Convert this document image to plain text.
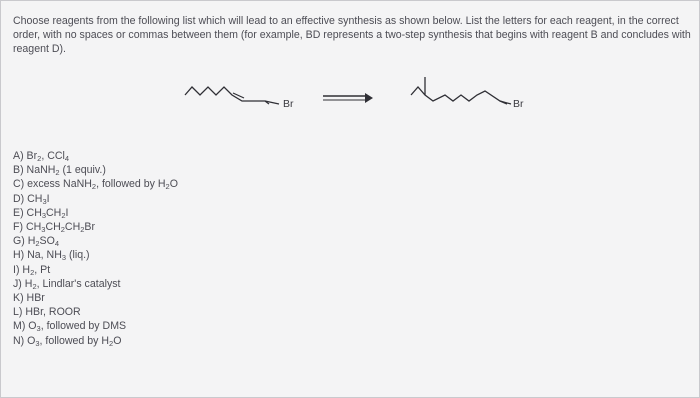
Choose reagents from the following list which will lead to an effective synthesis as shown below. List the letters for each reagent, in the correct order, with no spaces or commas between them (for example, BD represents a two-step synthesis that begins with reagent B and concludes with reagent D).
Br	Br
A) $Br_2$, CCl$_4$
B) NaNH$_2$ (1 equiv.)
C) excess NaNH$_2$, followed by $H_2O$
D) $CH_3I$
E) $CH_3CH_2I$
F) $CH_3CH_2CH_2Br$
G) $H_2SO_4$
H) Na, $NH_3$ (liq.)
I) $H_2$, Pt
J) $H_2$, Lindlar's catalyst
K) HBr
L) HBr, ROOR
M) $O_3$, followed by DMS
N) $O_3$, followed by $H_2O$
